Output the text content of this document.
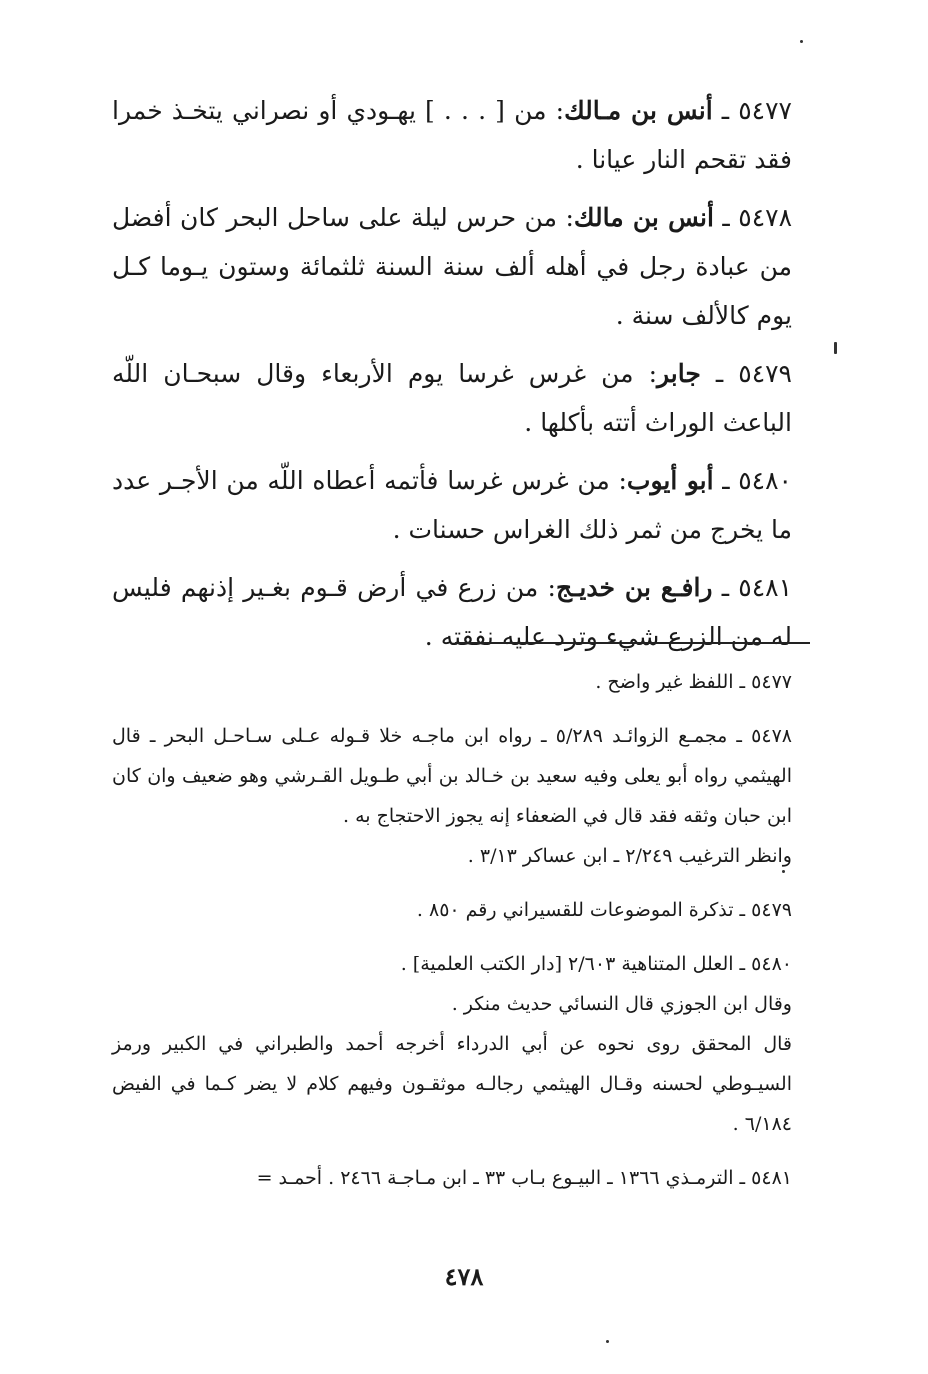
٥٤٧٧ ـ أنس بن مـالك: من [ . . . ] يهـودي أو نصراني يتخـذ خمرا فقد تقحم النار عيانا .

٥٤٧٨ ـ أنس بن مالك: من حرس ليلة على ساحل البحر كان أفضل من عبادة رجل في أهله ألف سنة السنة ثلثمائة وستون يـوما كـل يوم كالألف سنة .

٥٤٧٩ ـ جابر: من غرس غرسا يوم الأربعاء وقال سبحـان اللّه الباعث الوراث أتته بأكلها .

٥٤٨٠ ـ أبو أيوب: من غرس غرسا فأتمه أعطاه اللّه من الأجـر عدد ما يخرج من ثمر ذلك الغراس حسنات .

٥٤٨١ ـ رافـع بن خديـج: من زرع في أرض قـوم بغـير إذنهم فليس له من الزرع شيء وترد عليه نفقته .

٥٤٧٧ ـ اللفظ غير واضح .

٥٤٧٨ ـ مجمـع الزوائـد ٥/٢٨٩ ـ رواه ابن ماجـه خلا قـوله عـلى سـاحـل البحر ـ قال الهيثمي رواه أبو يعلى وفيه سعيد بن خـالد بن أبي طـويل القـرشي وهو ضعيف وان كان ابن حبان وثقه فقد قال في الضعفاء إنه يجوز الاحتجاج به .

وانظر الترغيب ٢/٢٤٩ ـ ابن عساكر ٣/١٣ .

٥٤٧٩ ـ تذكرة الموضوعات للقسيراني رقم ٨٥٠ .

٥٤٨٠ ـ العلل المتناهية ٢/٦٠٣ [دار الكتب العلمية] .

وقال ابن الجوزي قال النسائي حديث منكر .

قال المحقق روى نحوه عن أبي الدرداء أخرجه أحمد والطبراني في الكبير ورمز السيـوطي لحسنه وقـال الهيثمي رجالـه موثقـون وفيهم كلام لا يضر كـما في الفيض ٦/١٨٤ .

٥٤٨١ ـ الترمـذي ١٣٦٦ ـ البيـوع بـاب ٣٣ ـ ابن مـاجـة ٢٤٦٦ . أحمـد =

٤٧٨
